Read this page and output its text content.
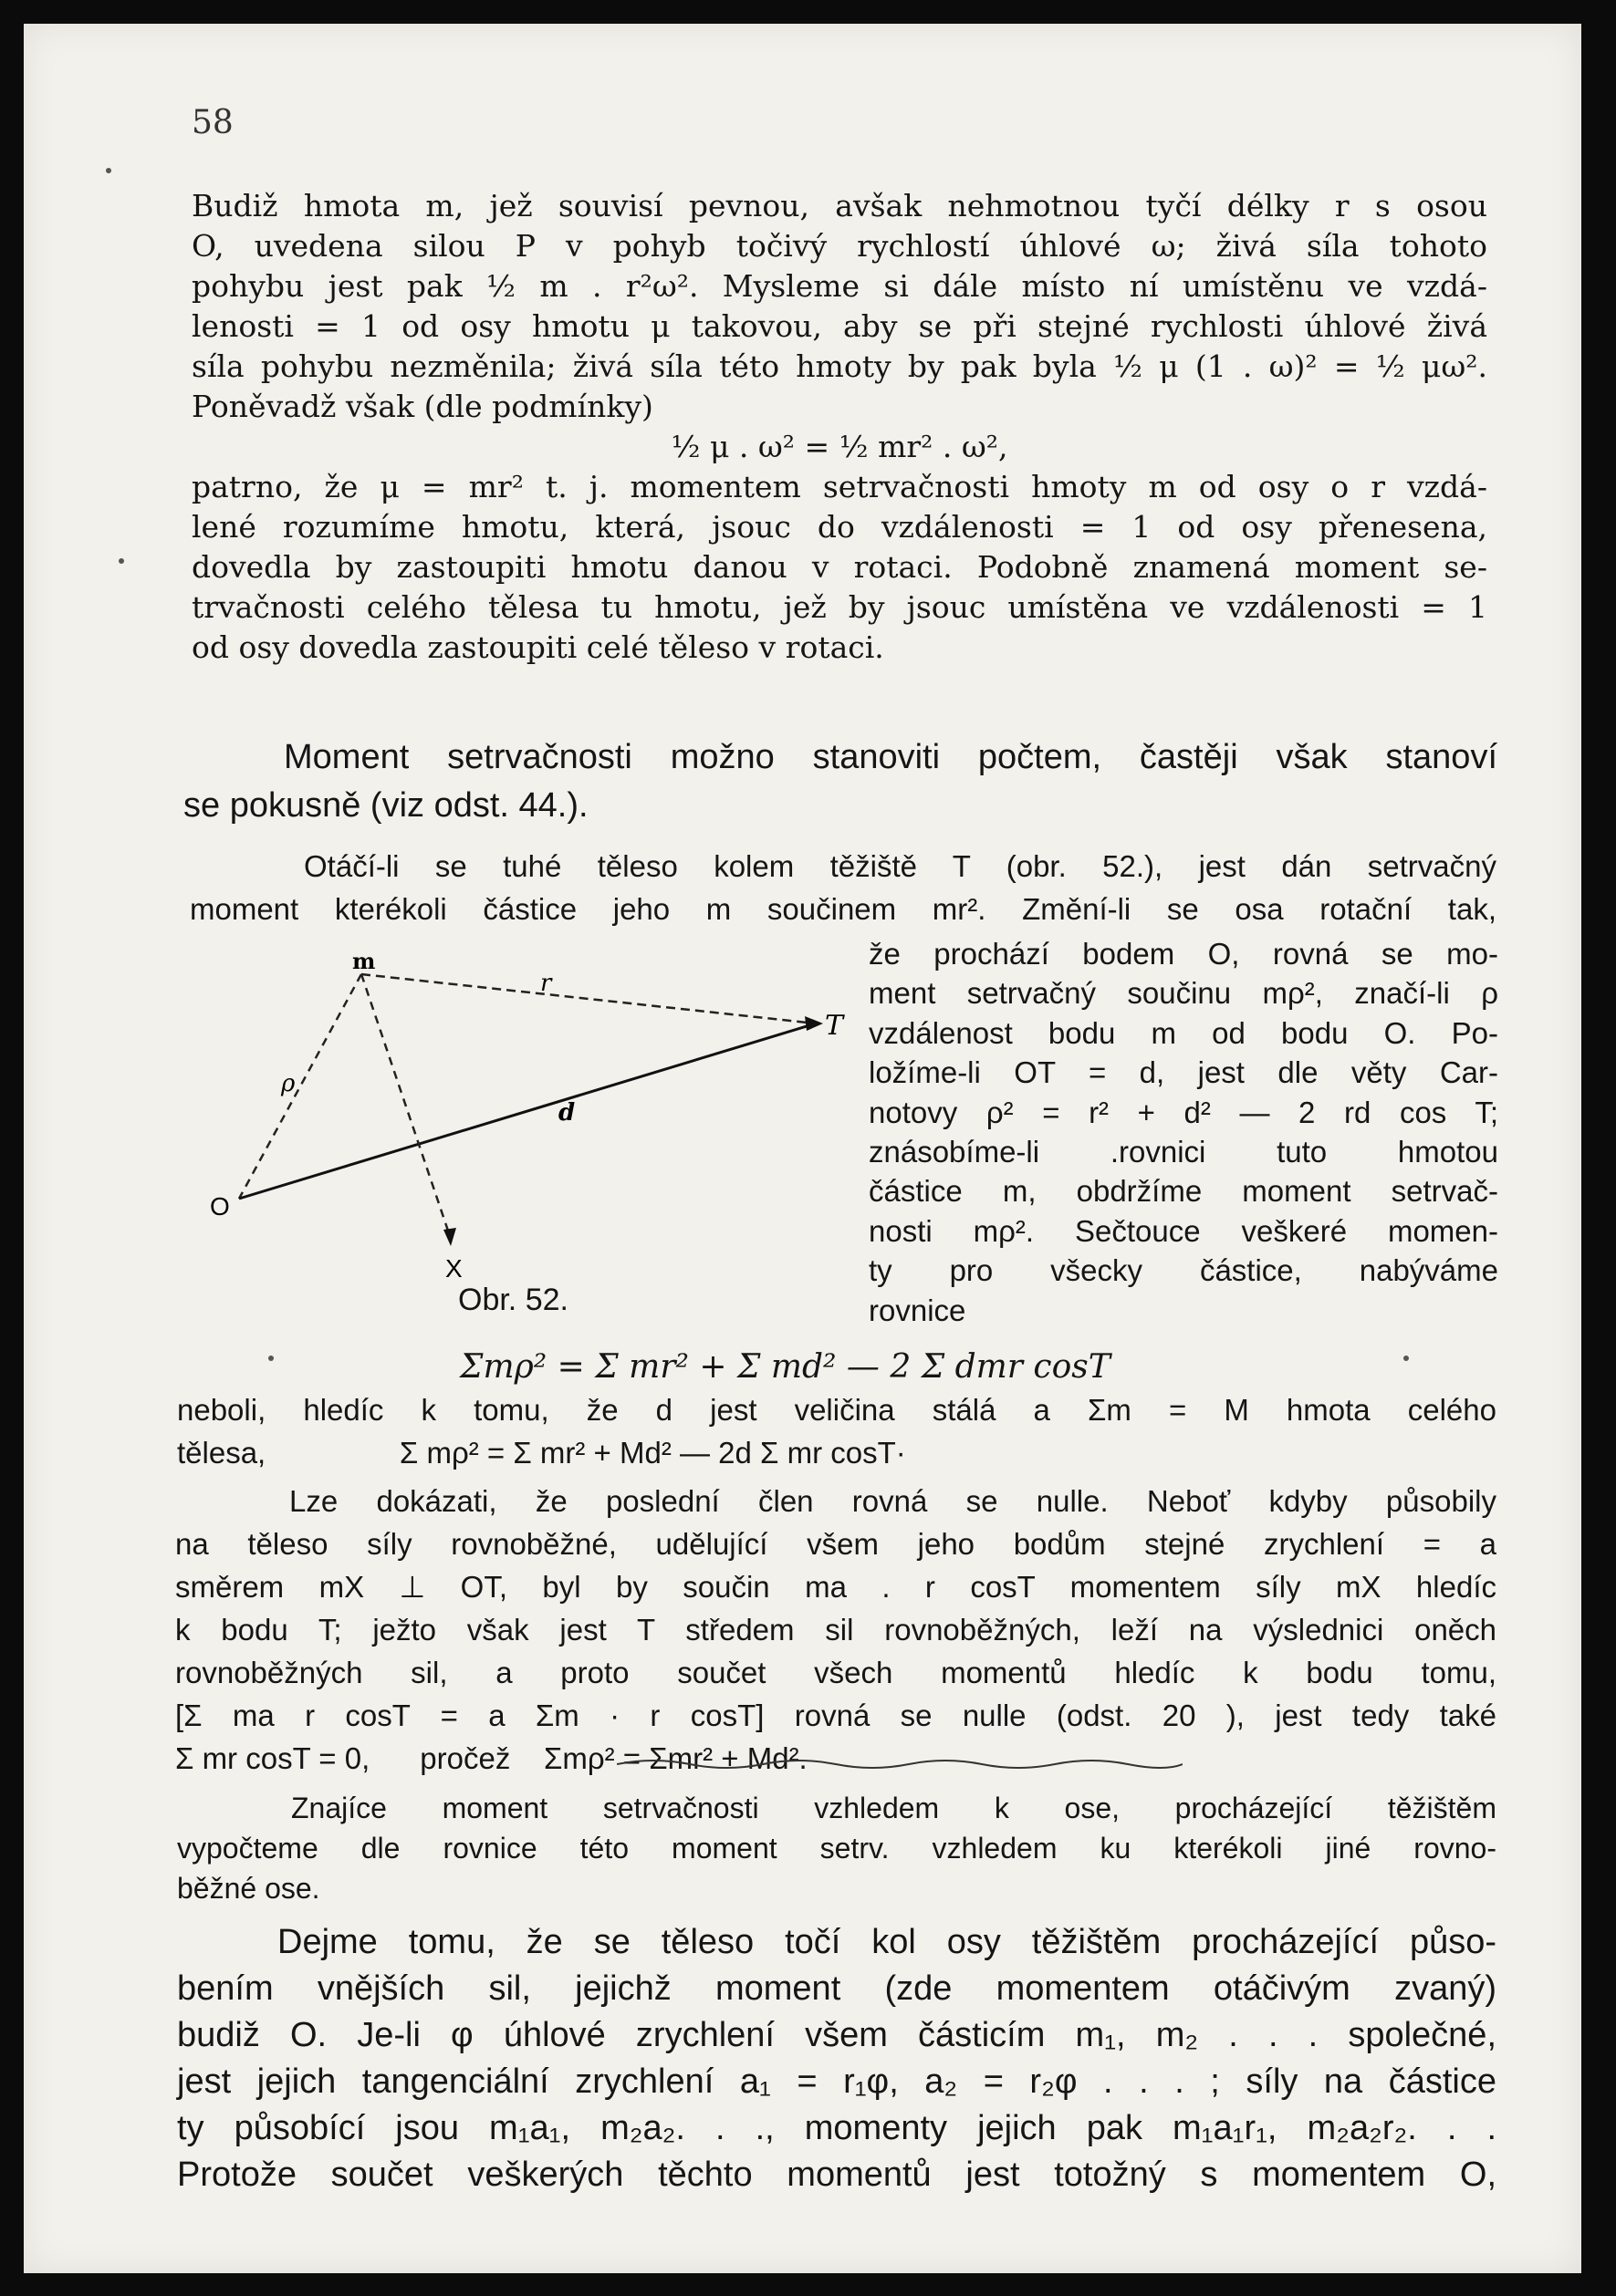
58
Budiž hmota m, jež souvisí pevnou, avšak nehmotnou tyčí délky r s osou
O, uvedena silou P v pohyb točivý rychlostí úhlové ω; živá síla tohoto
pohybu jest pak ½ m . r²ω². Mysleme si dále místo ní umístěnu ve vzdá-
lenosti = 1 od osy hmotu μ takovou, aby se při stejné rychlosti úhlové živá
síla pohybu nezměnila; živá síla této hmoty by pak byla ½ μ (1 . ω)² = ½ μω².
Poněvadž však (dle podmínky)
½ μ . ω² = ½ mr² . ω²,
patrno, že μ = mr² t. j. momentem setrvačnosti hmoty m od osy o r vzdá-
lené rozumíme hmotu, která, jsouc do vzdálenosti = 1 od osy přenesena,
dovedla by zastoupiti hmotu danou v rotaci. Podobně znamená moment se-
trvačnosti celého tělesa tu hmotu, jež by jsouc umístěna ve vzdálenosti = 1
od osy dovedla zastoupiti celé těleso v rotaci.
Moment setrvačnosti možno stanoviti počtem, častěji však stanoví
se pokusně (viz odst. 44.).
Otáčí-li se tuhé těleso kolem těžiště T (obr. 52.), jest dán setrvačný
moment kterékoli částice jeho m součinem mr². Změní-li se osa rotační tak,
že prochází bodem O, rovná se mo-
ment setrvačný součinu mρ², značí-li ρ
vzdálenost bodu m od bodu O. Po-
ložíme-li OT = d, jest dle věty Car-
notovy ρ² = r² + d² — 2 rd cos T;
znásobíme-li .rovnici tuto hmotou
částice m, obdržíme moment setrvač-
nosti mρ². Sečtouce veškeré momen-
ty pro všecky částice, nabýváme
rovnice
m
r
T
ρ
d
O
X
Obr. 52.
Σmρ² = Σ mr² + Σ md² — 2 Σ dmr cosT
neboli, hledíc k tomu, že d jest veličina stálá a Σm = M hmota celého
tělesa,                Σ mρ² = Σ mr² + Md² — 2d Σ mr cosT·
Lze dokázati, že poslední člen rovná se nulle. Neboť kdyby působily
na těleso síly rovnoběžné, udělující všem jeho bodům stejné zrychlení = a
směrem mX ⊥ OT, byl by součin ma . r cosT momentem síly mX hledíc
k bodu T; ježto však jest T středem sil rovnoběžných, leží na výslednici oněch
rovnoběžných sil, a proto součet všech momentů hledíc k bodu tomu,
[Σ ma r cosT = a Σm · r cosT] rovná se nulle (odst. 20 ), jest tedy také
Σ mr cosT = 0,      pročež    Σmρ² = Σmr² + Md².
Znajíce moment setrvačnosti vzhledem k ose, procházející těžištěm
vypočteme dle rovnice této moment setrv. vzhledem ku kterékoli jiné rovno-
běžné ose.
Dejme tomu, že se těleso točí kol osy těžištěm procházející půso-
bením vnějších sil, jejichž moment (zde momentem otáčivým zvaný)
budiž O. Je-li φ úhlové zrychlení všem částicím m₁, m₂ . . . společné,
jest jejich tangenciální zrychlení a₁ = r₁φ, a₂ = r₂φ . . . ; síly na částice
ty působící jsou m₁a₁, m₂a₂. . ., momenty jejich pak m₁a₁r₁, m₂a₂r₂. . .
Protože součet veškerých těchto momentů jest totožný s momentem O,
